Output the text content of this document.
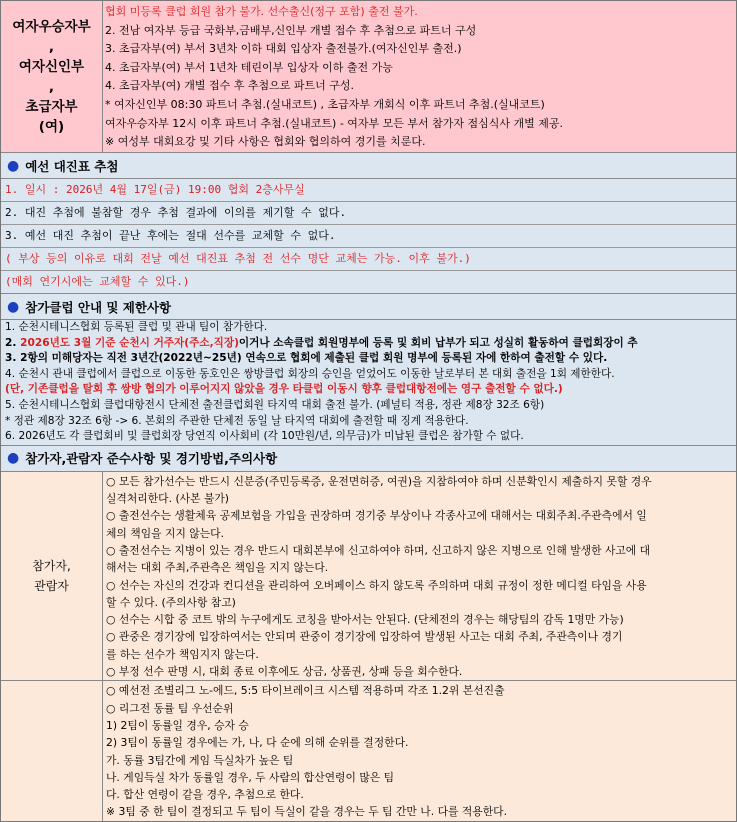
여자우승자부
,
여자신인부
,
초급자부
(여)
협회 미등록 클럽 회원 참가 불가. 선수출신(정구 포함) 출전 불가.
2. 전남 여자부 등급 국화부,금배부,신인부 개별 접수 후 추첨으로 파트너 구성
3. 초급자부(여) 부서 3년차 이하 대회 입상자 출전불가.(여자신인부 출전.)
4. 초급자부(여) 부서 1년차 테린이부 입상자 이하 출전 가능
4. 초급자부(여) 개별 접수 후 추첨으로 파트너 구성.
* 여자신인부 08:30 파트너 추첨.(실내코트) , 초급자부 개회식 이후 파트너 추첨.(실내코트)
여자우승자부 12시 이후 파트너 추첨.(실내코트) - 여자부 모든 부서 참가자 점심식사 개별 제공.
※ 여성부 대회요강 및 기타 사항은 협회와 협의하여 경기를 치룬다.
● 예선 대진표 추첨
1. 일시 : 2026년 4월 17일(금) 19:00 협회 2층사무실
2. 대진 추첨에 불참할 경우 추첨 결과에 이의를 제기할 수 없다.
3. 예선 대진 추첨이 끝난 후에는 절대 선수를 교체할 수 없다.
( 부상 등의 이유로 대회 전날 예선 대진표 추첨 전 선수 명단 교체는 가능. 이후 불가.)
(매회 연기시에는 교체할 수 있다.)
● 참가클럽 안내 및 제한사항
1. 순천시테니스협회 등록된 클럽 및 관내 팀이 참가한다.
2. 2026년도 3월 기준 순천시 거주자(주소,직장)이거나 소속클럽 회원명부에 등록 및 회비 납부가 되고 성실히 활동하여 클럽회장이 추
3. 2항의 미해당자는 직전 3년간(2022년~25년) 연속으로 협회에 제출된 클럽 회원 명부에 등록된 자에 한하여 출전할 수 있다.
4. 순천시 관내 클럽에서 클럽으로 이동한 동호인은 쌍방클럽 회장의 승인을 얻었어도 이동한 날로부터 본 대회 출전을 1회 제한한다.
(단, 기존클럽을 탈회 후 쌍방 협의가 이루어지지 않았을 경우 타클럽 이동시 향후 클럽대항전에는 영구 출전할 수 없다.)
5. 순천시테니스협회 클럽대항전시 단체전 출전클럽회원 타지역 대회 출전 불가. (페널티 적용, 정관 제8장 32조 6항)
* 정관 제8장 32조 6항 -> 6. 본회의 주관한 단체전 동일 날 타지역 대회에 출전할 때 징계 적용한다.
6. 2026년도 각 클럽회비 및 클럽회장 당연직 이사회비 (각 10만원/년, 의무금)가 미납된 클럽은 참가할 수 없다.
● 참가자,관람자 준수사항 및 경기방법,주의사항
참가자,
관람자
○ 모든 참가선수는 반드시 신분증(주민등록증, 운전면허증, 여권)을 지참하여야 하며 신분확인시 제출하지 못할 경우
실격처리한다. (사본 불가)
○ 출전선수는 생활체육 공제보험을 가입을 권장하며 경기중 부상이나 각종사고에 대해서는 대회주최.주관측에서 일
체의 책임을 지지 않는다.
○ 출전선수는 지병이 있는 경우 반드시 대회본부에 신고하여야 하며, 신고하지 않은 지병으로 인해 발생한 사고에 대
해서는 대회 주최,주관측은 책임을 지지 않는다.
○ 선수는 자신의 건강과 컨디션을 관리하여 오버페이스 하지 않도록 주의하며 대회 규정이 정한 메디컬 타임을 사용
할 수 있다. (주의사항 참고)
○ 선수는 시합 중 코트 밖의 누구에게도 코칭을 받아서는 안된다. (단체전의 경우는 해당팀의 감독 1명만 가능)
○ 관중은 경기장에 입장하여서는 안되며 관중이 경기장에 입장하여 발생된 사고는 대회 주최, 주관측이나 경기
를 하는 선수가 책임지지 않는다.
○ 부정 선수 판명 시, 대회 종료 이후에도 상금, 상품권, 상패 등을 회수한다.
○ 예선전 조별리그 노-에드, 5:5 타이브레이크 시스템 적용하며 각조 1.2위 본선진출
○ 리그전 동률 팀 우선순위
1) 2팀이 동률일 경우, 승자 승
2) 3팀이 동률일 경우에는 가, 나, 다 순에 의해 순위를 결정한다.
가. 동률 3팀간에 게임 득실차가 높은 팀
나. 게임득실 차가 동률일 경우, 두 사람의 합산연령이 많은 팀
다. 합산 연령이 같을 경우, 추첨으로 한다.
※ 3팀 중 한 팀이 결정되고 두 팀이 득실이 같을 경우는 두 팀 간만 나. 다를 적용한다.
